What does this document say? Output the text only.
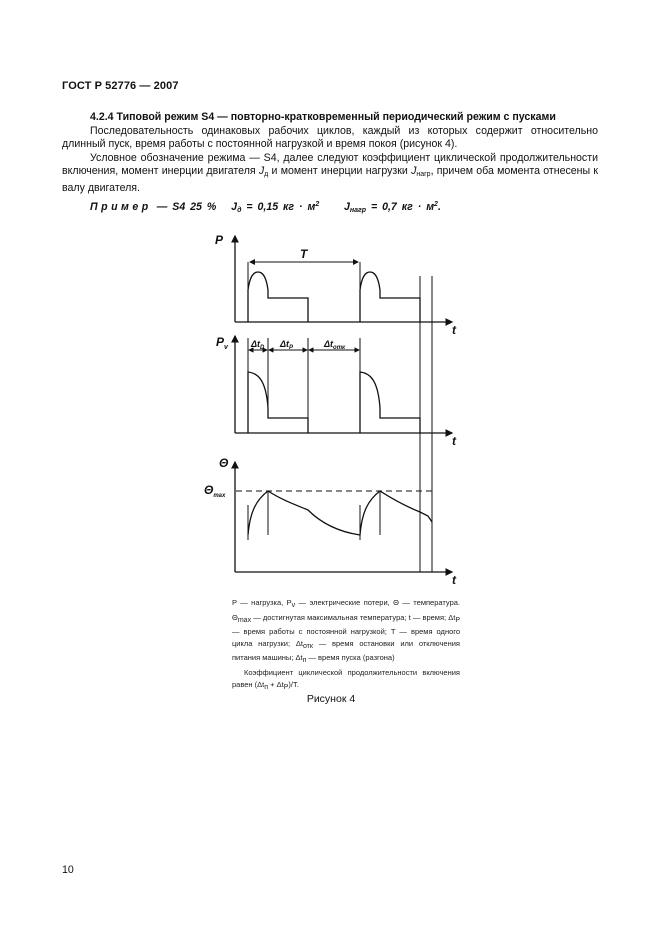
ГОСТ Р 52776 — 2007
4.2.4 Типовой режим S4 — повторно-кратковременный периодический режим с пусками
Последовательность одинаковых рабочих циклов, каждый из которых содержит относительно длинный пуск, время работы с постоянной нагрузкой и время покоя (рисунок 4).
Условное обозначение режима — S4, далее следуют коэффициент циклической продолжительности включения, момент инерции двигателя $J_д$ и момент инерции нагрузки $J_{нагр}$, причем оба момента отнесены к валу двигателя.
Пример — S4 25 % $J_д = 0,15$ кг · $м^2$ $J_{нагр} = 0,7$ кг · $м^2$.
P
t
T
$P_v$
t
$\Delta t_D$ $\Delta t_P$	$\Delta t_{отк}$
Θ
$\Theta_{max}$
t
P — нагрузка, Pv — электрические потери, Θ — температура. Θmax — достигнутая максимальная температура; t — время; ΔtP — время работы с постоянной нагрузкой; T — время одного цикла нагрузки; Δtотк — время остановки или отключения питания машины; Δtп — время пуска (разгона)
Коэффициент циклической продолжительности включения равен (Δtп + ΔtP)/T.
Рисунок 4
10
